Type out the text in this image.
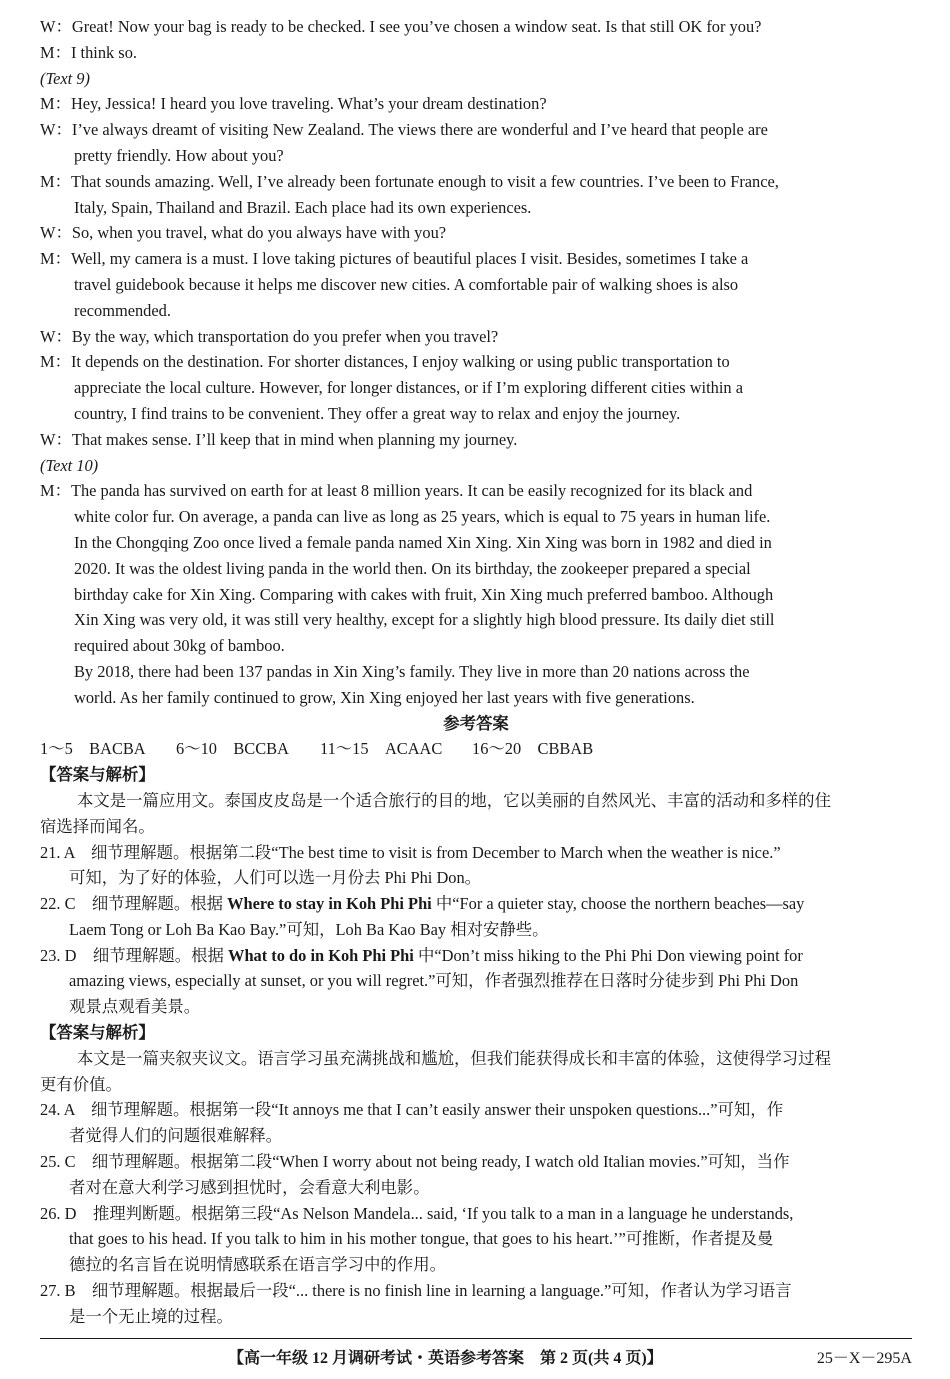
W：Great! Now your bag is ready to be checked. I see you’ve chosen a window seat. Is that still OK for you?
M：I think so.
(Text 9)
M：Hey, Jessica! I heard you love traveling. What’s your dream destination?
W：I’ve always dreamt of visiting New Zealand. The views there are wonderful and I’ve heard that people are
pretty friendly. How about you?
M：That sounds amazing. Well, I’ve already been fortunate enough to visit a few countries. I’ve been to France,
Italy, Spain, Thailand and Brazil. Each place had its own experiences.
W：So, when you travel, what do you always have with you?
M：Well, my camera is a must. I love taking pictures of beautiful places I visit. Besides, sometimes I take a
travel guidebook because it helps me discover new cities. A comfortable pair of walking shoes is also
recommended.
W：By the way, which transportation do you prefer when you travel?
M：It depends on the destination. For shorter distances, I enjoy walking or using public transportation to
appreciate the local culture. However, for longer distances, or if I’m exploring different cities within a
country, I find trains to be convenient. They offer a great way to relax and enjoy the journey.
W：That makes sense. I’ll keep that in mind when planning my journey.
(Text 10)
M：The panda has survived on earth for at least 8 million years. It can be easily recognized for its black and
white color fur. On average, a panda can live as long as 25 years, which is equal to 75 years in human life.
In the Chongqing Zoo once lived a female panda named Xin Xing. Xin Xing was born in 1982 and died in
2020. It was the oldest living panda in the world then. On its birthday, the zookeeper prepared a special
birthday cake for Xin Xing. Comparing with cakes with fruit, Xin Xing much preferred bamboo. Although
Xin Xing was very old, it was still very healthy, except for a slightly high blood pressure. Its daily diet still
required about 30kg of bamboo.
By 2018, there had been 137 pandas in Xin Xing’s family. They live in more than 20 nations across the
world. As her family continued to grow, Xin Xing enjoyed her last years with five generations.
参考答案
1～5　BACBA 6～10　BCCBA 11～15　ACAAC 16～20　CBBAB
【答案与解析】
本文是一篇应用文。泰国皮皮岛是一个适合旅行的目的地，它以美丽的自然风光、丰富的活动和多样的住
宿选择而闻名。
21. A　细节理解题。根据第二段“The best time to visit is from December to March when the weather is nice.”
可知，为了好的体验，人们可以选一月份去 Phi Phi Don。
22. C　细节理解题。根据 Where to stay in Koh Phi Phi 中“For a quieter stay, choose the northern beaches—say
Laem Tong or Loh Ba Kao Bay.”可知，Loh Ba Kao Bay 相对安静些。
23. D　细节理解题。根据 What to do in Koh Phi Phi 中“Don’t miss hiking to the Phi Phi Don viewing point for
amazing views, especially at sunset, or you will regret.”可知，作者强烈推荐在日落时分徒步到 Phi Phi Don
观景点观看美景。
【答案与解析】
本文是一篇夹叙夹议文。语言学习虽充满挑战和尴尬，但我们能获得成长和丰富的体验，这使得学习过程
更有价值。
24. A　细节理解题。根据第一段“It annoys me that I can’t easily answer their unspoken questions...”可知，作
者觉得人们的问题很难解释。
25. C　细节理解题。根据第二段“When I worry about not being ready, I watch old Italian movies.”可知，当作
者对在意大利学习感到担忧时，会看意大利电影。
26. D　推理判断题。根据第三段“As Nelson Mandela... said, ‘If you talk to a man in a language he understands,
that goes to his head. If you talk to him in his mother tongue, that goes to his heart.’”可推断，作者提及曼
德拉的名言旨在说明情感联系在语言学习中的作用。
27. B　细节理解题。根据最后一段“... there is no finish line in learning a language.”可知，作者认为学习语言
是一个无止境的过程。
【高一年级 12 月调研考试・英语参考答案　第 2 页(共 4 页)】	25－X－295A
